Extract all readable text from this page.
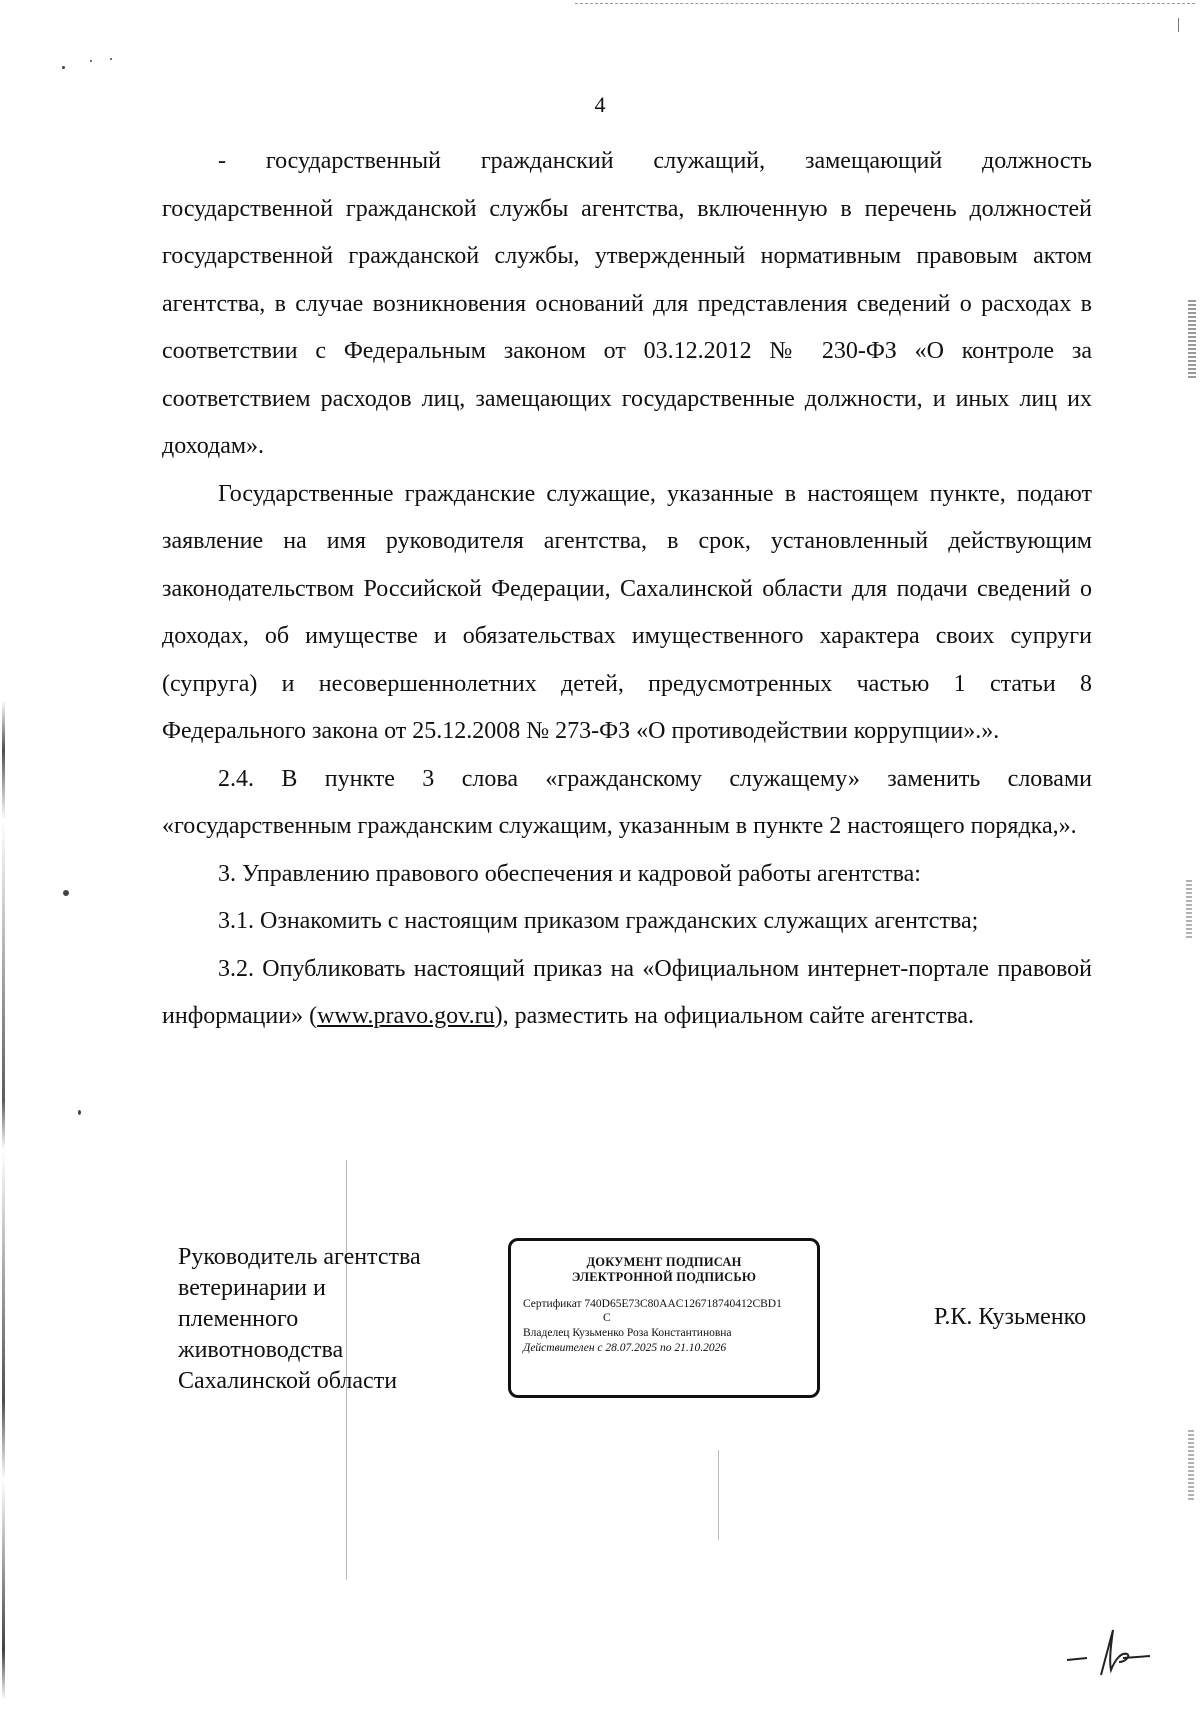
4

- государственный гражданский служащий, замещающий должность государственной гражданской службы агентства, включенную в перечень должностей государственной гражданской службы, утвержденный нормативным правовым актом агентства, в случае возникновения оснований для представления сведений о расходах в соответствии с Федеральным законом от 03.12.2012 № 230-ФЗ «О контроле за соответствием расходов лиц, замещающих государственные должности, и иных лиц их доходам».

Государственные гражданские служащие, указанные в настоящем пункте, подают заявление на имя руководителя агентства, в срок, установленный действующим законодательством Российской Федерации, Сахалинской области для подачи сведений о доходах, об имуществе и обязательствах имущественного характера своих супруги (супруга) и несовершеннолетних детей, предусмотренных частью 1 статьи 8 Федерального закона от 25.12.2008 № 273-ФЗ «О противодействии коррупции».».

2.4. В пункте 3 слова «гражданскому служащему» заменить словами «государственным гражданским служащим, указанным в пункте 2 настоящего порядка,».

3. Управлению правового обеспечения и кадровой работы агентства:

3.1. Ознакомить с настоящим приказом гражданских служащих агентства;

3.2. Опубликовать настоящий приказ на «Официальном интернет-портале правовой информации» (www.pravo.gov.ru), разместить на официальном сайте агентства.

Руководитель агентства
ветеринарии и
племенного
животноводства
Сахалинской области
ДОКУМЕНТ ПОДПИСАН
ЭЛЕКТРОННОЙ ПОДПИСЬЮ
Сертификат 740D65E73C80AAC126718740412CBD1
C
Владелец Кузьменко Роза Константиновна
Действителен с 28.07.2025 по 21.10.2026
Р.К. Кузьменко
